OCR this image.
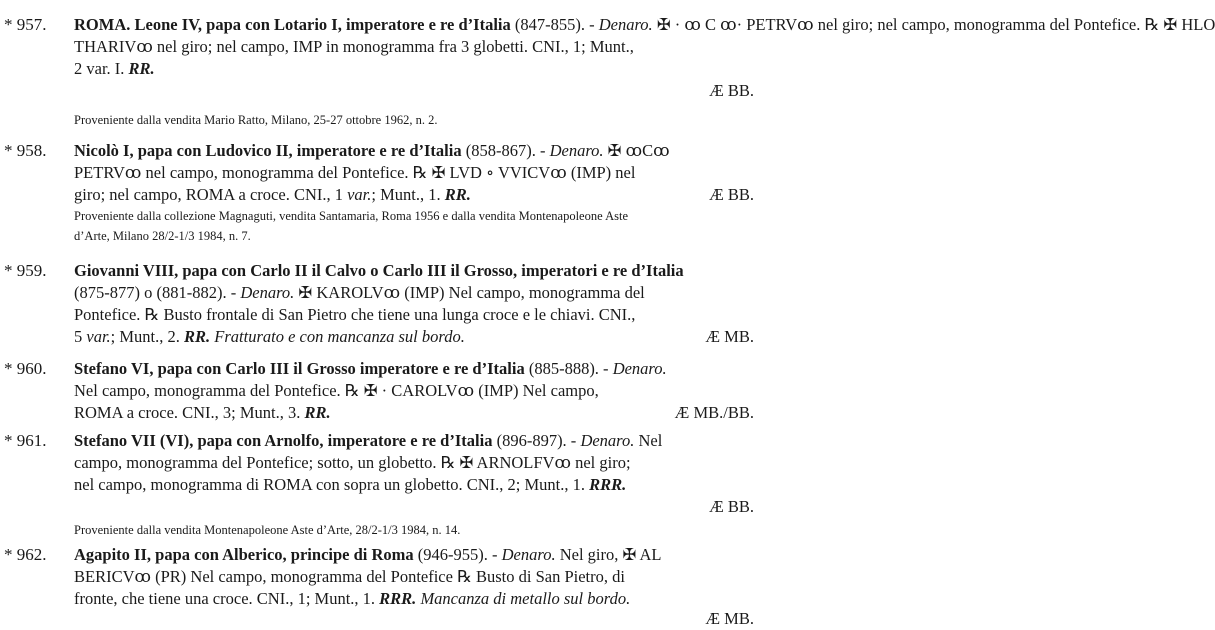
* 957. ROMA. Leone IV, papa con Lotario I, imperatore e re d’Italia (847-855). - Denaro. ✠ · ꝏ C ꝏ· PETRVꝏ nel giro; nel campo, monogramma del Pontefice. ℞ ✠ HLO
THARIVꝏ nel giro; nel campo, IMP in monogramma fra 3 globetti. CNI., 1; Munt.,
2 var. I. RR.
Æ BB.
Proveniente dalla vendita Mario Ratto, Milano, 25-27 ottobre 1962, n. 2.
* 958. Nicolò I, papa con Ludovico II, imperatore e re d’Italia (858-867). - Denaro. ✠ ꝏCꝏ
PETRVꝏ nel campo, monogramma del Pontefice. ℞ ✠ LVD ∘ VVICVꝏ (IMP) nel
giro; nel campo, ROMA a croce. CNI., 1 var.; Munt., 1. RR.	Æ BB.
Proveniente dalla collezione Magnaguti, vendita Santamaria, Roma 1956 e dalla vendita Montenapoleone Aste
d’Arte, Milano 28/2-1/3 1984, n. 7.
* 959. Giovanni VIII, papa con Carlo II il Calvo o Carlo III il Grosso, imperatori e re d’Italia
(875-877) o (881-882). - Denaro. ✠ KAROLVꝏ (IMP) Nel campo, monogramma del
Pontefice. ℞ Busto frontale di San Pietro che tiene una lunga croce e le chiavi. CNI.,
5 var.; Munt., 2. RR. Fratturato e con mancanza sul bordo.	Æ MB.
* 960. Stefano VI, papa con Carlo III il Grosso imperatore e re d’Italia (885-888). - Denaro.
Nel campo, monogramma del Pontefice. ℞ ✠ · CAROLVꝏ (IMP) Nel campo,
ROMA a croce. CNI., 3; Munt., 3. RR.	Æ MB./BB.
* 961. Stefano VII (VI), papa con Arnolfo, imperatore e re d’Italia (896-897). - Denaro. Nel
campo, monogramma del Pontefice; sotto, un globetto. ℞ ✠ ARNOLFVꝏ nel giro;
nel campo, monogramma di ROMA con sopra un globetto. CNI., 2; Munt., 1. RRR.
Æ BB.
Proveniente dalla vendita Montenapoleone Aste d’Arte, 28/2-1/3 1984, n. 14.
* 962. Agapito II, papa con Alberico, principe di Roma (946-955). - Denaro. Nel giro, ✠ AL
BERICVꝏ (PR) Nel campo, monogramma del Pontefice ℞ Busto di San Pietro, di
fronte, che tiene una croce. CNI., 1; Munt., 1. RRR. Mancanza di metallo sul bordo.
Æ MB.
